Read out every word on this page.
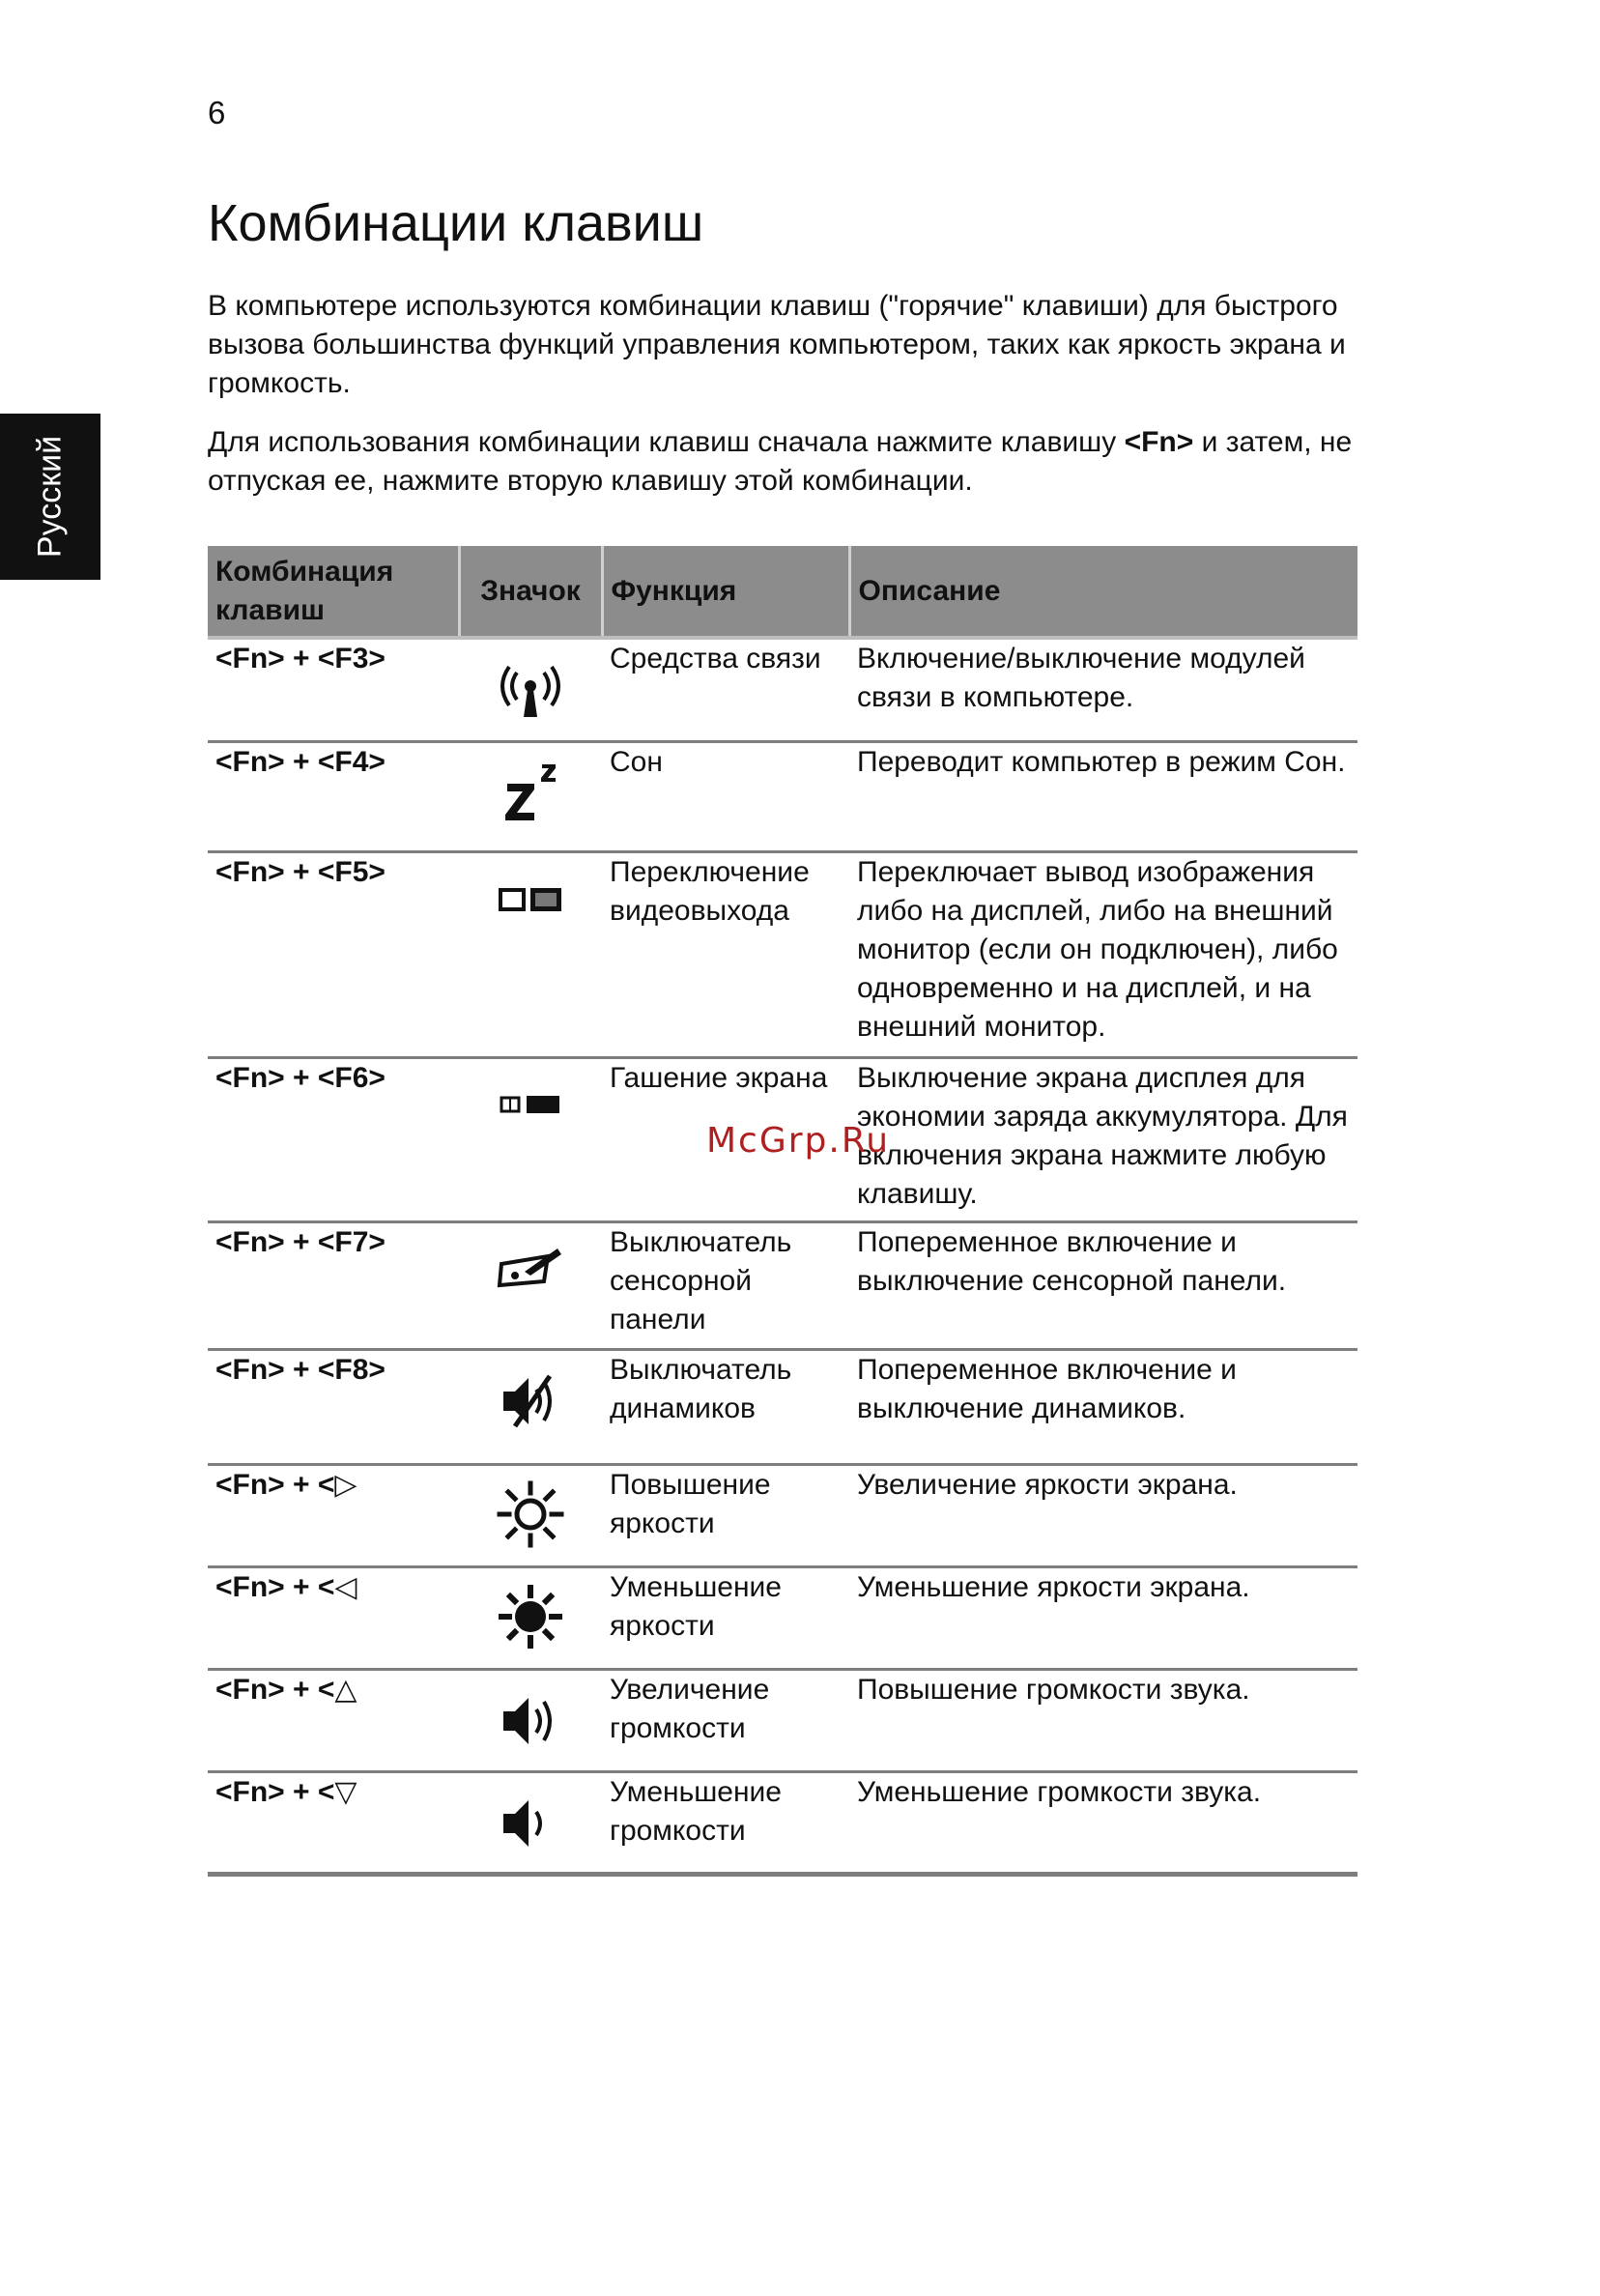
6
Русский
Комбинации клавиш

В компьютере используются комбинации клавиш ("горячие" клавиши) для быстрого вызова большинства функций управления компьютером, таких как яркость экрана и громкость.

Для использования комбинации клавиш сначала нажмите клавишу <Fn> и затем, не отпуская ее, нажмите вторую клавишу этой комбинации.

Комбинация клавиш	Значок	Функция	Описание
<Fn> + <F3>		Средства связи	Включение/выключение модулей связи в компьютере.
<Fn> + <F4>		Сон	Переводит компьютер в режим Сон.
<Fn> + <F5>		Переключение видеовыхода	Переключает вывод изображения либо на дисплей, либо на внешний монитор (если он подключен), либо одновременно и на дисплей, и на внешний монитор.
<Fn> + <F6>		Гашение экрана	Выключение экрана дисплея для экономии заряда аккумулятора. Для включения экрана нажмите любую клавишу.
<Fn> + <F7>		Выключатель сенсорной панели	Попеременное включение и выключение сенсорной панели.
<Fn> + <F8>		Выключатель динамиков	Попеременное включение и выключение динамиков.
<Fn> + <▷		Повышение яркости	Увеличение яркости экрана.
<Fn> + <◁		Уменьшение яркости	Уменьшение яркости экрана.
<Fn> + <△		Увеличение громкости	Повышение громкости звука.
<Fn> + <▽		Уменьшение громкости	Уменьшение громкости звука.
McGrp.Ru
